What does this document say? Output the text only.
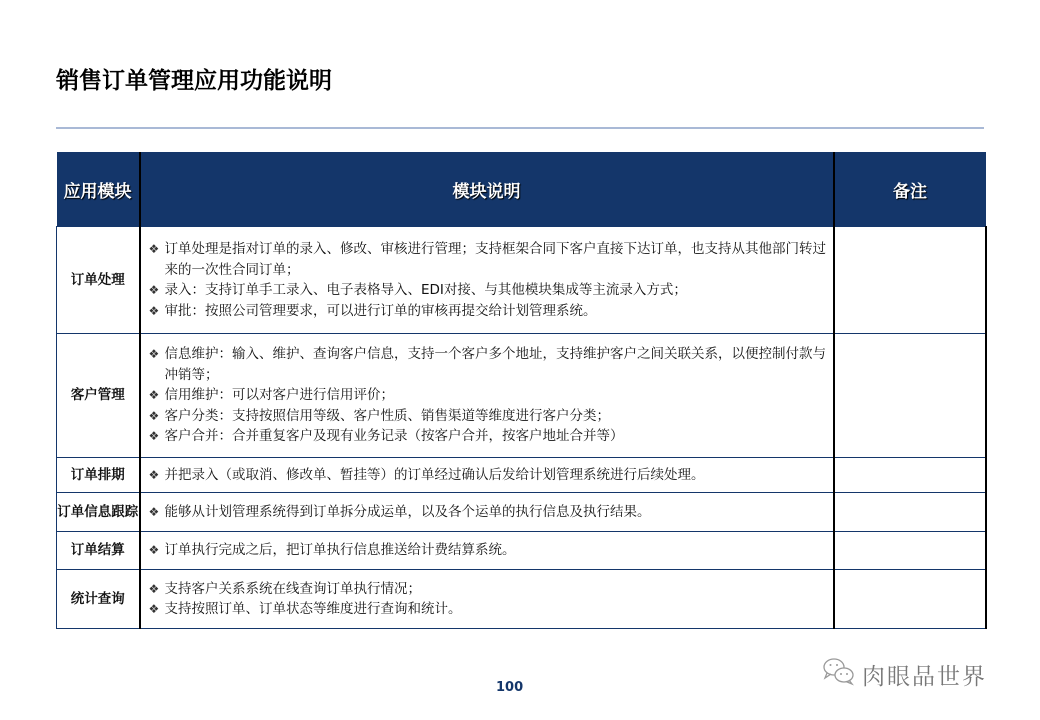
销售订单管理应用功能说明
应用模块	模块说明	备注
订单处理	
❖ 订单处理是指对订单的录入、修改、审核进行管理；支持框架合同下客户直接下达订单，也支持从其他部门转过来的一次性合同订单；
❖ 录入：支持订单手工录入、电子表格导入、EDI对接、与其他模块集成等主流录入方式；
❖ 审批：按照公司管理要求，可以进行订单的审核再提交给计划管理系统。

客户管理	
❖ 信息维护：输入、维护、查询客户信息，支持一个客户多个地址，支持维护客户之间关联关系，以便控制付款与冲销等；
❖ 信用维护：可以对客户进行信用评价；
❖ 客户分类：支持按照信用等级、客户性质、销售渠道等维度进行客户分类；
❖ 客户合并：合并重复客户及现有业务记录（按客户合并，按客户地址合并等）

订单排期	❖ 并把录入（或取消、修改单、暂挂等）的订单经过确认后发给计划管理系统进行后续处理。	

订单信息跟踪	❖ 能够从计划管理系统得到订单拆分成运单，以及各个运单的执行信息及执行结果。	

订单结算	❖ 订单执行完成之后，把订单执行信息推送给计费结算系统。	

统计查询	❖ 支持客户关系系统在线查询订单执行情况；
❖ 支持按照订单、订单状态等维度进行查询和统计。	

100	肉眼品世界
